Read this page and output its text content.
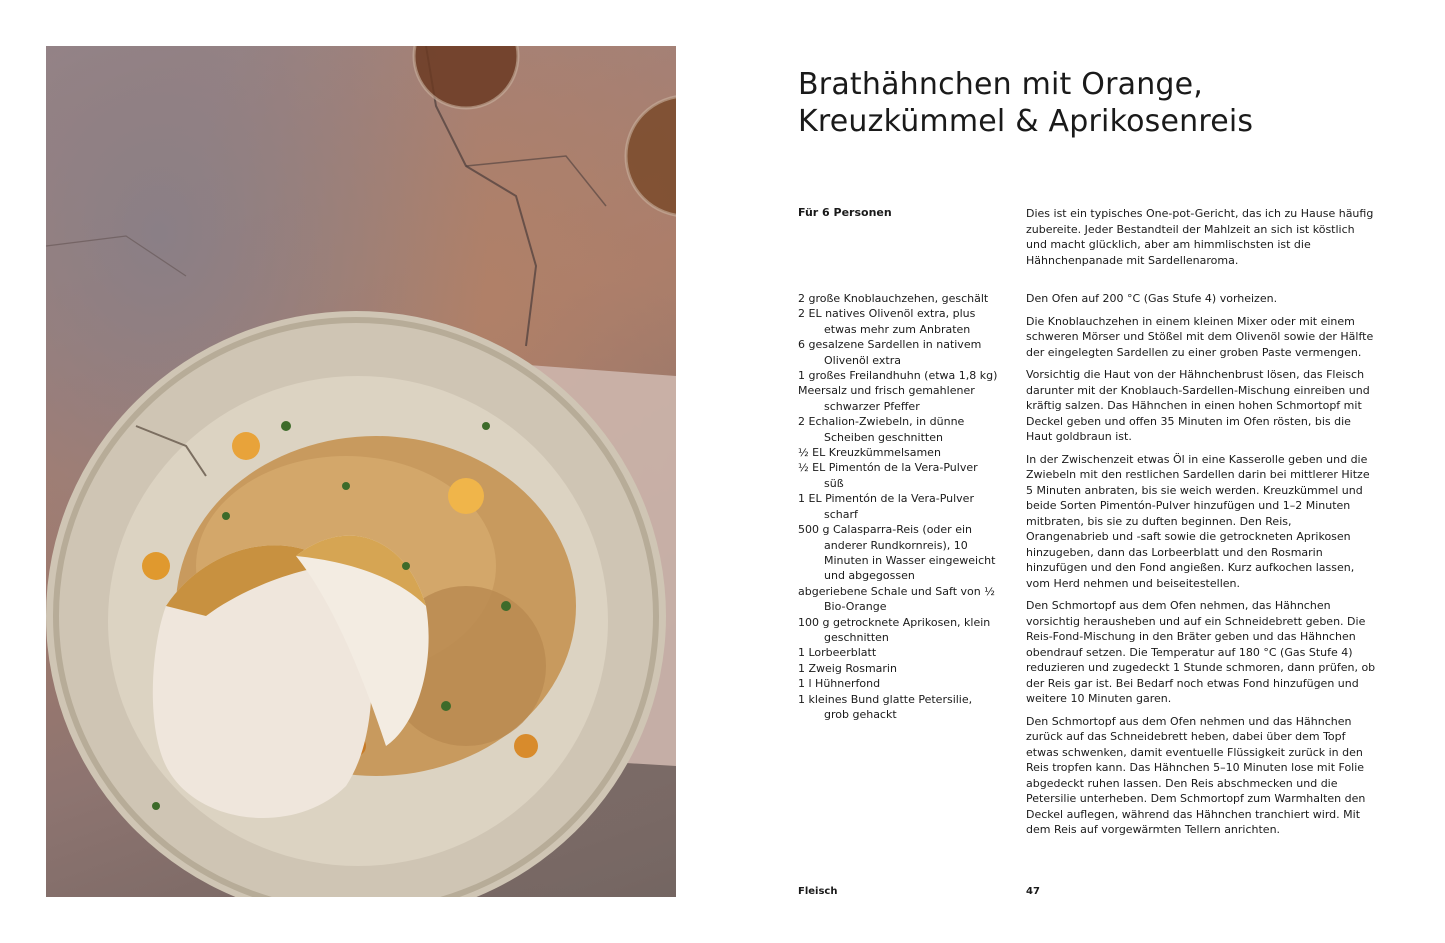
Brathähnchen mit Orange,
Kreuzkümmel & Aprikosenreis

Für 6 Personen

2 große Knoblauchzehen, geschält
2 EL natives Olivenöl extra, plus etwas mehr zum Anbraten
6 gesalzene Sardellen in nativem Olivenöl extra
1 großes Freilandhuhn (etwa 1,8 kg)
Meersalz und frisch gemahlener schwarzer Pfeffer
2 Echalion-Zwiebeln, in dünne Scheiben geschnitten
½ EL Kreuzkümmelsamen
½ EL Pimentón de la Vera-Pulver süß
1 EL Pimentón de la Vera-Pulver scharf
500 g Calasparra-Reis (oder ein anderer Rundkornreis), 10 Minuten in Wasser eingeweicht und abgegossen
abgeriebene Schale und Saft von ½ Bio-Orange
100 g getrocknete Aprikosen, klein geschnitten
1 Lorbeerblatt
1 Zweig Rosmarin
1 l Hühnerfond
1 kleines Bund glatte Petersilie, grob gehackt

Dies ist ein typisches One-pot-Gericht, das ich zu Hause häufig zubereite. Jeder Bestandteil der Mahlzeit an sich ist köstlich und macht glücklich, aber am himmlischsten ist die Hähnchenpanade mit Sardellenaroma.

Den Ofen auf 200 °C (Gas Stufe 4) vorheizen.

Die Knoblauchzehen in einem kleinen Mixer oder mit einem schweren Mörser und Stößel mit dem Olivenöl sowie der Hälfte der eingelegten Sardellen zu einer groben Paste vermengen.

Vorsichtig die Haut von der Hähnchenbrust lösen, das Fleisch darunter mit der Knoblauch-Sardellen-Mischung einreiben und kräftig salzen. Das Hähnchen in einen hohen Schmortopf mit Deckel geben und offen 35 Minuten im Ofen rösten, bis die Haut goldbraun ist.

In der Zwischenzeit etwas Öl in eine Kasserolle geben und die Zwiebeln mit den restlichen Sardellen darin bei mittlerer Hitze 5 Minuten anbraten, bis sie weich werden. Kreuzkümmel und beide Sorten Pimentón-Pulver hinzufügen und 1–2 Minuten mitbraten, bis sie zu duften beginnen. Den Reis, Orangenabrieb und -saft sowie die getrockneten Aprikosen hinzugeben, dann das Lorbeerblatt und den Rosmarin hinzufügen und den Fond angießen. Kurz aufkochen lassen, vom Herd nehmen und beiseitestellen.

Den Schmortopf aus dem Ofen nehmen, das Hähnchen vorsichtig herausheben und auf ein Schneidebrett geben. Die Reis-Fond-Mischung in den Bräter geben und das Hähnchen obendrauf setzen. Die Temperatur auf 180 °C (Gas Stufe 4) reduzieren und zugedeckt 1 Stunde schmoren, dann prüfen, ob der Reis gar ist. Bei Bedarf noch etwas Fond hinzufügen und weitere 10 Minuten garen.

Den Schmortopf aus dem Ofen nehmen und das Hähnchen zurück auf das Schneidebrett heben, dabei über dem Topf etwas schwenken, damit eventuelle Flüssigkeit zurück in den Reis tropfen kann. Das Hähnchen 5–10 Minuten lose mit Folie abgedeckt ruhen lassen. Den Reis abschmecken und die Petersilie unterheben. Dem Schmortopf zum Warmhalten den Deckel auflegen, während das Hähnchen tranchiert wird. Mit dem Reis auf vorgewärmten Tellern anrichten.

Fleisch	47
